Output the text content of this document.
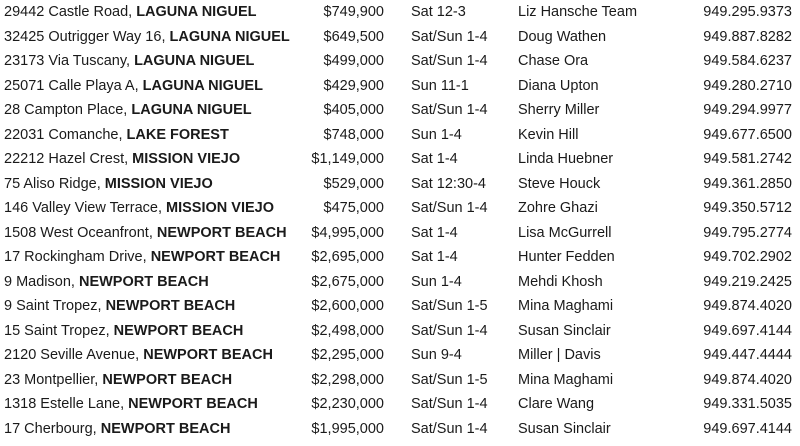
29442 Castle Road, LAGUNA NIGUEL	$749,900 Sat 12-3	Liz Hansche Team	949.295.9373
32425 Outrigger Way 16, LAGUNA NIGUEL $649,500 Sat/Sun 1-4 Doug Wathen	949.887.8282
23173 Via Tuscany, LAGUNA NIGUEL	$499,000 Sat/Sun 1-4 Chase Ora	949.584.6237
25071 Calle Playa A, LAGUNA NIGUEL	$429,900 Sun 11-1	Diana Upton	949.280.2710
28 Campton Place, LAGUNA NIGUEL	$405,000 Sat/Sun 1-4 Sherry Miller	949.294.9977
22031 Comanche, LAKE FOREST	$748,000 Sun 1-4	Kevin Hill	949.677.6500
22212 Hazel Crest, MISSION VIEJO	$1,149,000 Sat 1-4	Linda Huebner	949.581.2742
75 Aliso Ridge, MISSION VIEJO	$529,000 Sat 12:30-4 Steve Houck	949.361.2850
146 Valley View Terrace, MISSION VIEJO	$475,000 Sat/Sun 1-4 Zohre Ghazi	949.350.5712
1508 West Oceanfront, NEWPORT BEACH $4,995,000 Sat 1-4	Lisa McGurrell	949.795.2774
17 Rockingham Drive, NEWPORT BEACH $2,695,000 Sat 1-4	Hunter Fedden	949.702.2902
9 Madison, NEWPORT BEACH	$2,675,000 Sun 1-4	Mehdi Khosh	949.219.2425
9 Saint Tropez, NEWPORT BEACH	$2,600,000 Sat/Sun 1-5 Mina Maghami	949.874.4020
15 Saint Tropez, NEWPORT BEACH	$2,498,000 Sat/Sun 1-4 Susan Sinclair	949.697.4144
2120 Seville Avenue, NEWPORT BEACH	$2,295,000 Sun 9-4	Miller | Davis	949.447.4444
23 Montpellier, NEWPORT BEACH	$2,298,000 Sat/Sun 1-5 Mina Maghami	949.874.4020
1318 Estelle Lane, NEWPORT BEACH	$2,230,000 Sat/Sun 1-4 Clare Wang	949.331.5035
17 Cherbourg, NEWPORT BEACH	$1,995,000 Sat/Sun 1-4 Susan Sinclair	949.697.4144
